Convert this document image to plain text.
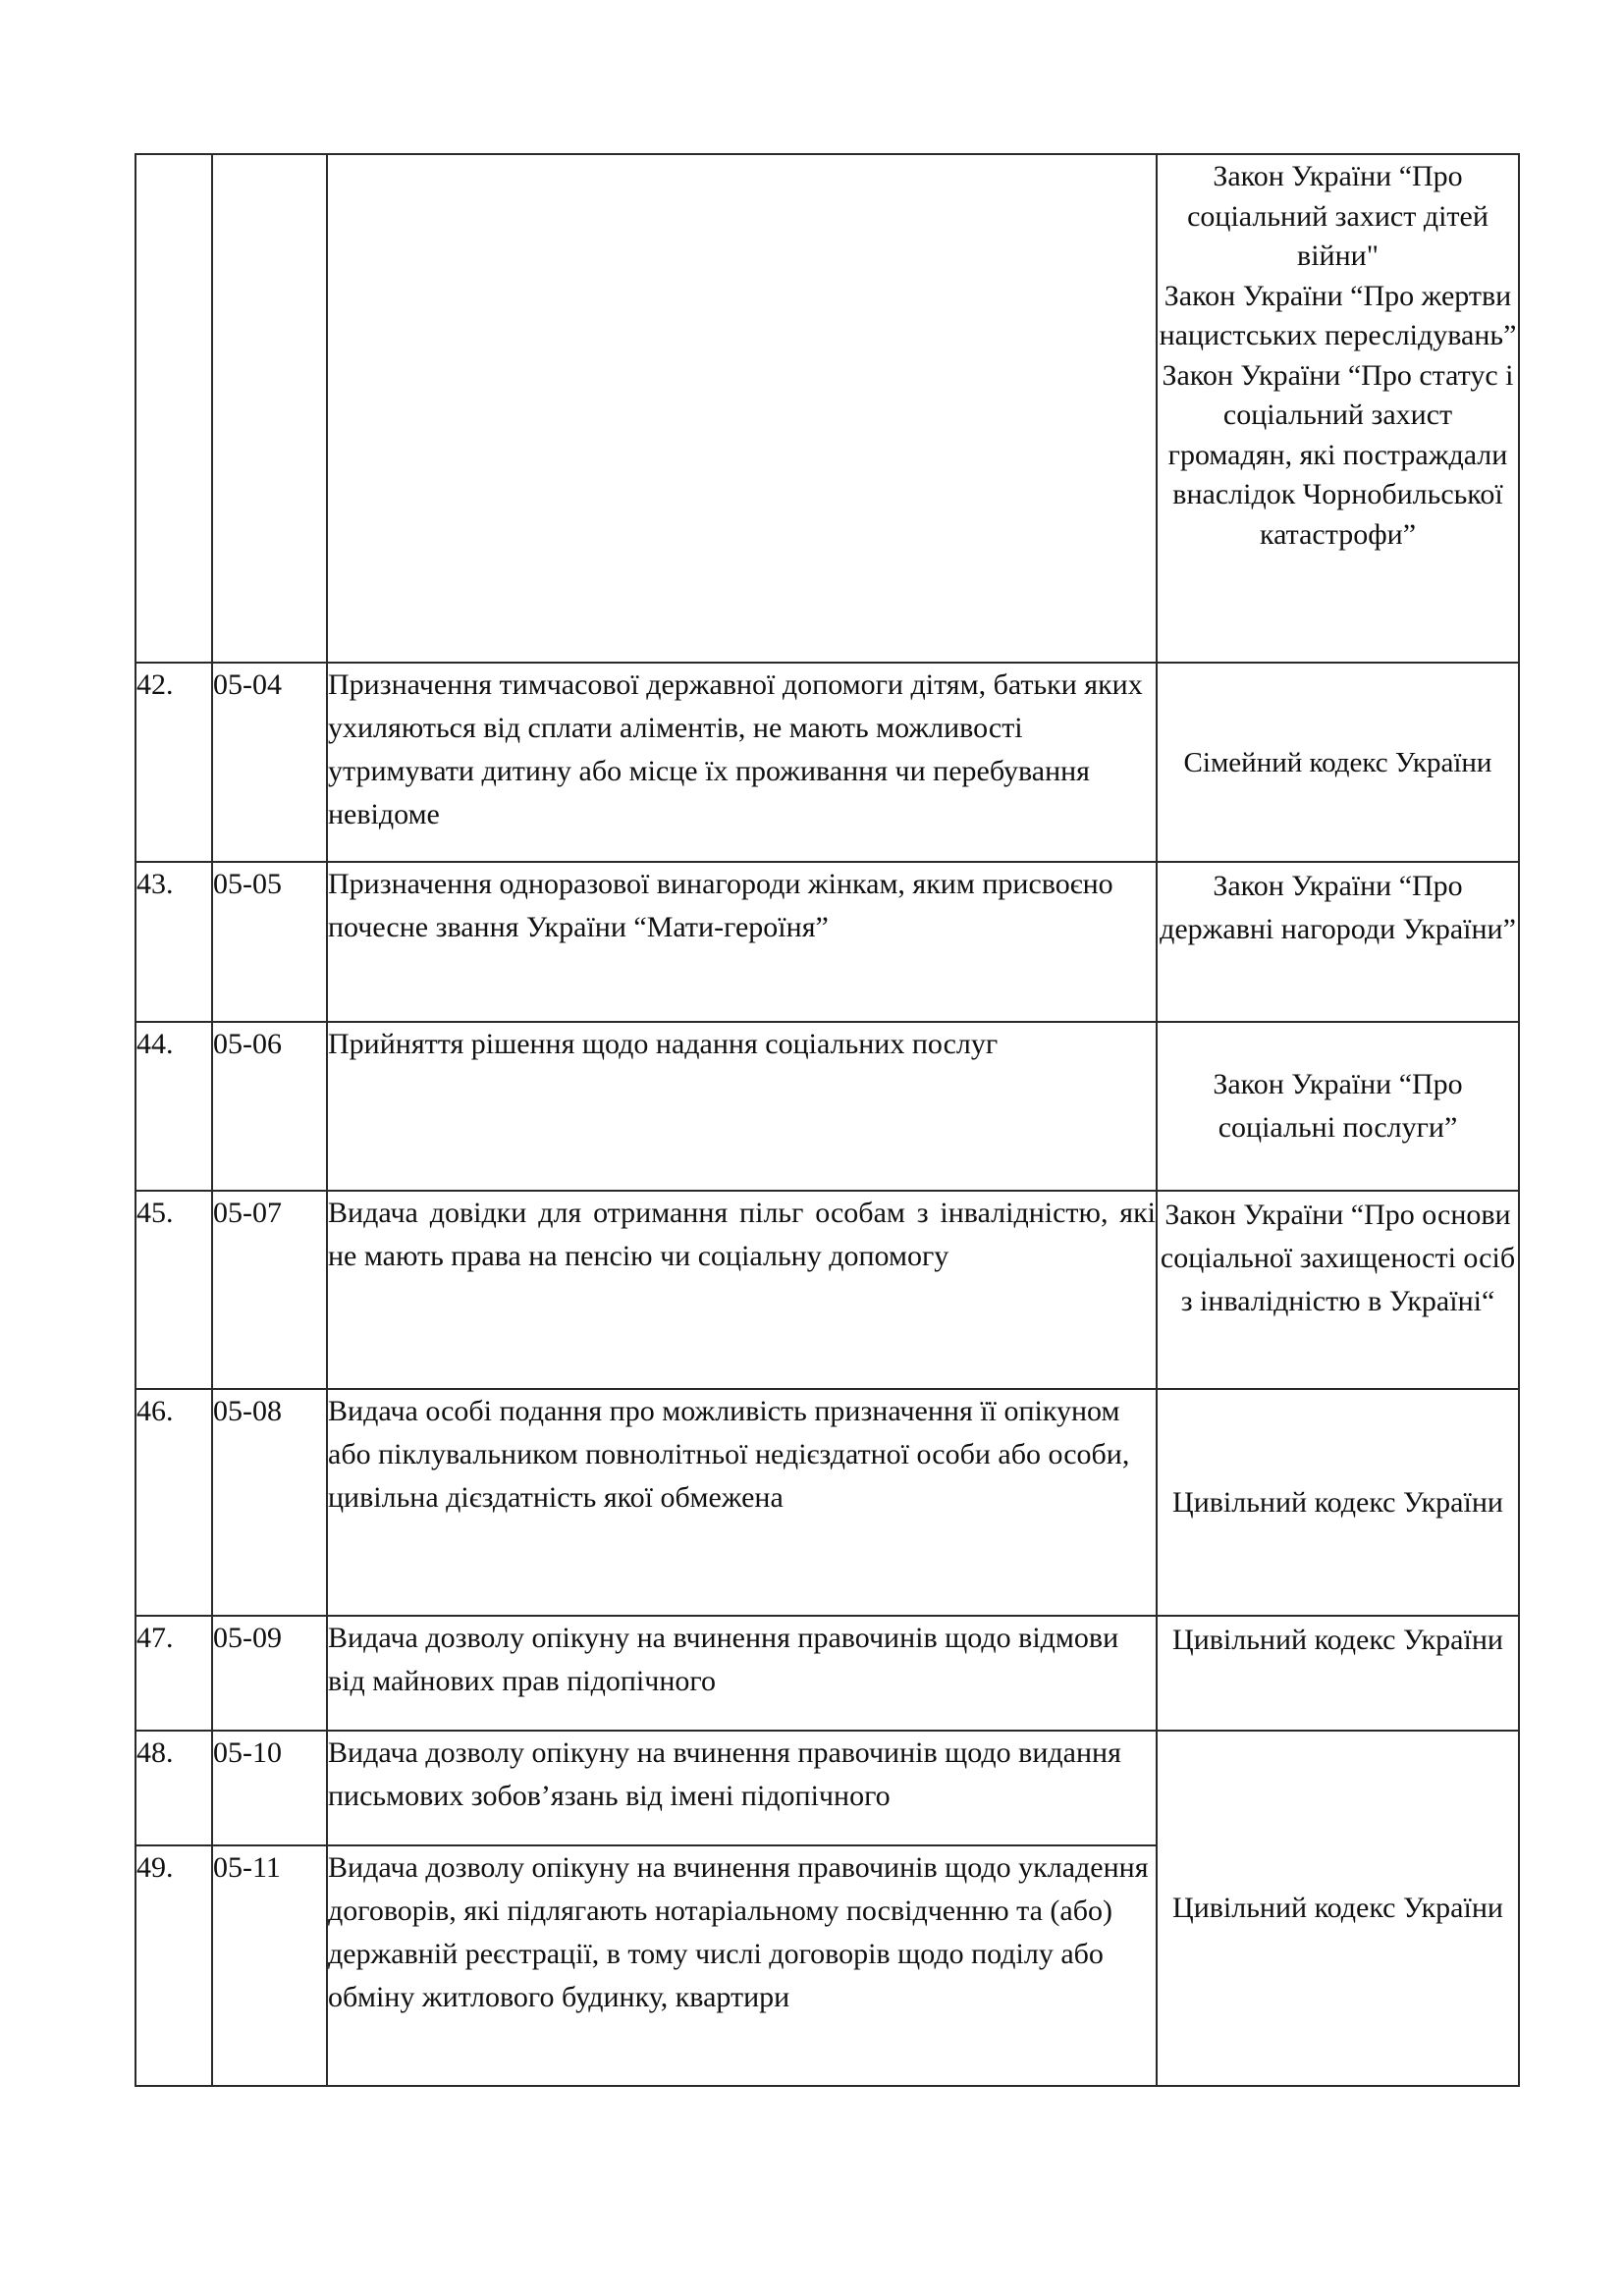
			Закон України “Про соціальний захист дітей війни"
Закон України “Про жертви нацистських переслідувань”
Закон України “Про статус і соціальний захист громадян, які постраждали внаслідок Чорнобильської катастрофи”
42.	05-04	Призначення тимчасової державної допомоги дітям, батьки яких ухиляються від сплати аліментів, не мають можливості утримувати дитину або місце їх проживання чи перебування невідоме	Сімейний кодекс України
43.	05-05	Призначення одноразової винагороди жінкам, яким присвоєно почесне звання України “Мати-героїня”	Закон України “Про державні нагороди України”
44.	05-06	Прийняття рішення щодо надання соціальних послуг	Закон України “Про соціальні послуги”
45.	05-07	Видача довідки для отримання пільг особам з інвалідністю, які не мають права на пенсію чи соціальну допомогу	Закон України “Про основи соціальної захищеності осіб з інвалідністю в Україні“
46.	05-08	Видача особі подання про можливість призначення її опікуном або піклувальником повнолітньої недієздатної особи або особи, цивільна дієздатність якої обмежена	Цивільний кодекс України
47.	05-09	Видача дозволу опікуну на вчинення правочинів щодо відмови від майнових прав підопічного	Цивільний кодекс України
48.	05-10	Видача дозволу опікуну на вчинення правочинів щодо видання письмових зобов’язань від імені підопічного	Цивільний кодекс України
49.	05-11	Видача дозволу опікуну на вчинення правочинів щодо укладення договорів, які підлягають нотаріальному посвідченню та (або) державній реєстрації, в тому числі договорів щодо поділу або обміну житлового будинку, квартири	
